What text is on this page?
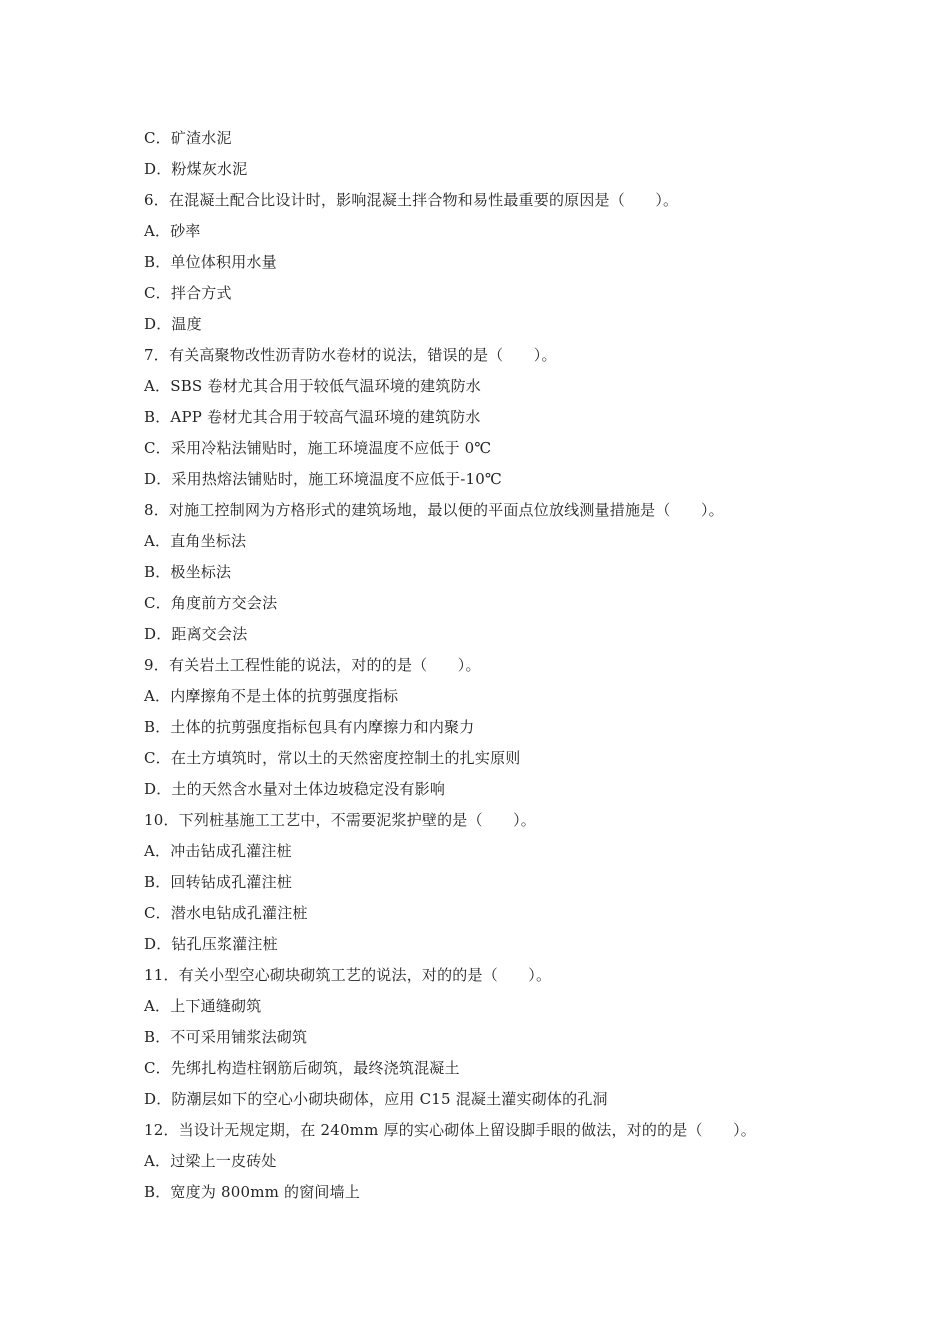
C．矿渣水泥
D．粉煤灰水泥
6．在混凝土配合比设计时，影响混凝土拌合物和易性最重要的原因是（　　）。
A．砂率
B．单位体积用水量
C．拌合方式
D．温度
7．有关高聚物改性沥青防水卷材的说法，错误的是（　　）。
A．SBS 卷材尤其合用于较低气温环境的建筑防水
B．APP 卷材尤其合用于较高气温环境的建筑防水
C．采用冷粘法铺贴时，施工环境温度不应低于 0℃
D．采用热熔法铺贴时，施工环境温度不应低于-10℃
8．对施工控制网为方格形式的建筑场地，最以便的平面点位放线测量措施是（　　）。
A．直角坐标法
B．极坐标法
C．角度前方交会法
D．距离交会法
9．有关岩土工程性能的说法，对的的是（　　）。
A．内摩擦角不是土体的抗剪强度指标
B．土体的抗剪强度指标包具有内摩擦力和内聚力
C．在土方填筑时，常以土的天然密度控制土的扎实原则
D．土的天然含水量对土体边坡稳定没有影响
10．下列桩基施工工艺中，不需要泥浆护壁的是（　　）。
A．冲击钻成孔灌注桩
B．回转钻成孔灌注桩
C．潜水电钻成孔灌注桩
D．钻孔压浆灌注桩
11．有关小型空心砌块砌筑工艺的说法，对的的是（　　）。
A．上下通缝砌筑
B．不可采用铺浆法砌筑
C．先绑扎构造柱钢筋后砌筑，最终浇筑混凝土
D．防潮层如下的空心小砌块砌体，应用 C15 混凝土灌实砌体的孔洞
12．当设计无规定期，在 240mm 厚的实心砌体上留设脚手眼的做法，对的的是（　　）。
A．过梁上一皮砖处
B．宽度为 800mm 的窗间墙上
